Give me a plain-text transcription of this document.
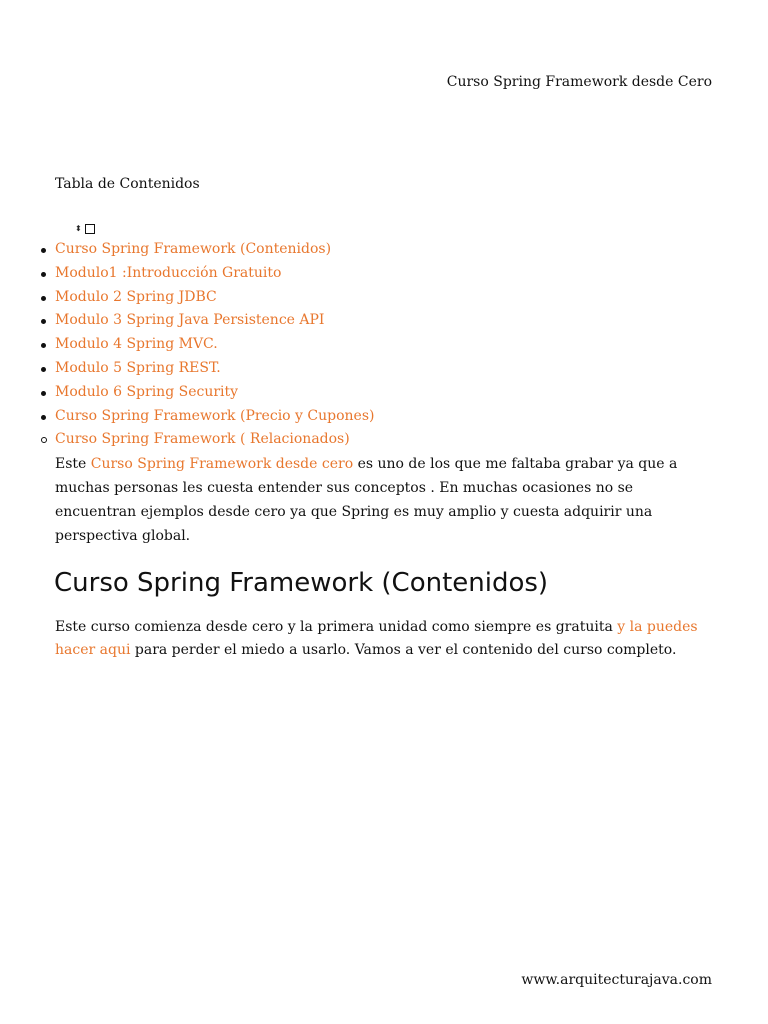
Curso Spring Framework desde Cero
Tabla de Contenidos
⬍
Curso Spring Framework (Contenidos)
Modulo1 :Introducción Gratuito
Modulo 2 Spring JDBC
Modulo 3 Spring Java Persistence API
Modulo 4 Spring MVC.
Modulo 5 Spring REST.
Modulo 6 Spring Security
Curso Spring Framework (Precio y Cupones)
Curso Spring Framework ( Relacionados)

Este Curso Spring Framework desde cero es uno de los que me faltaba grabar ya que a muchas personas les cuesta entender sus conceptos . En muchas ocasiones no se encuentran ejemplos desde cero ya que Spring es muy amplio y cuesta adquirir una perspectiva global.

Curso Spring Framework (Contenidos)

Este curso comienza desde cero y la primera unidad como siempre es gratuita y la puedes hacer aqui para perder el miedo a usarlo. Vamos a ver el contenido del curso completo.

www.arquitecturajava.com
